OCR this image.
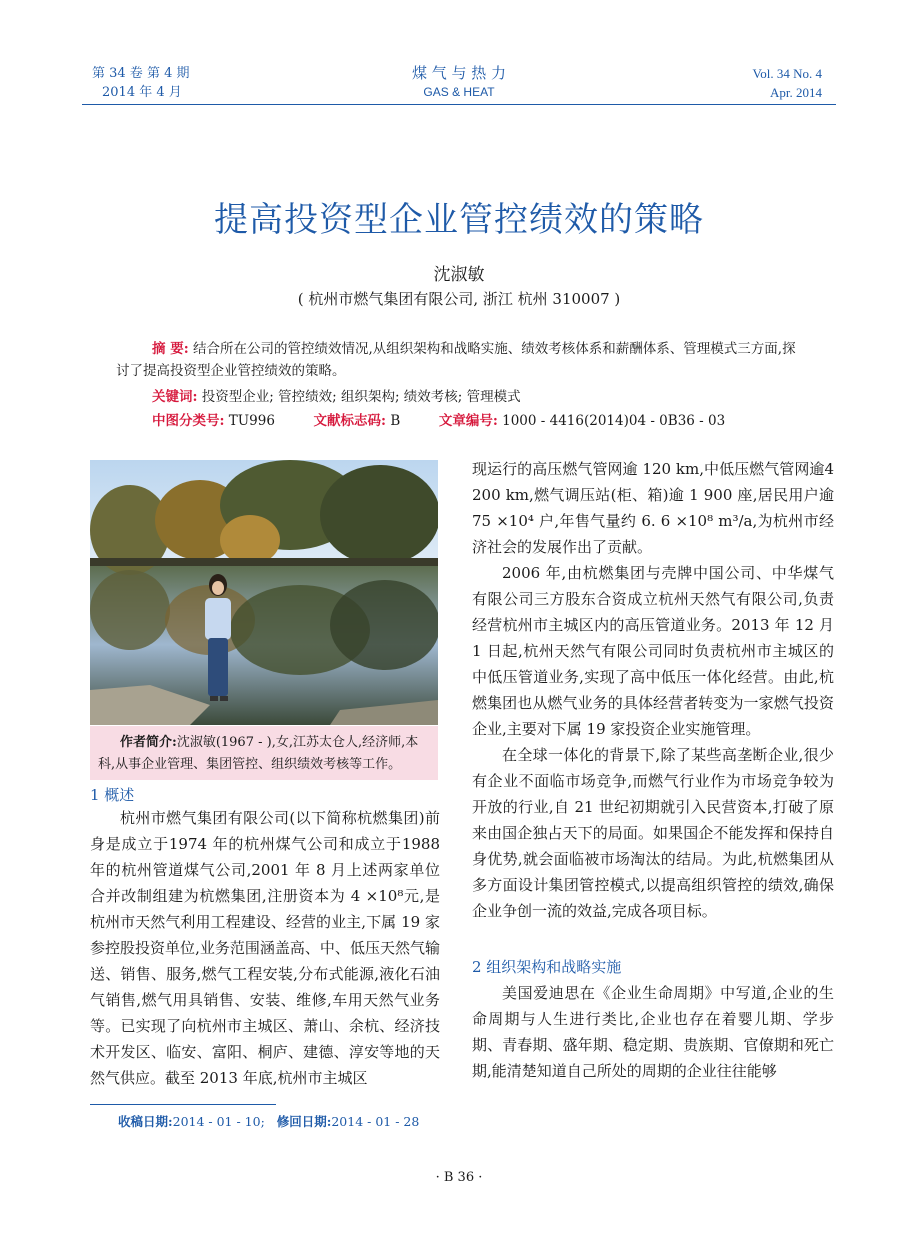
第 34 卷 第 4 期
2014 年 4 月
煤 气 与 热 力
GAS & HEAT
Vol. 34 No. 4
Apr. 2014
提高投资型企业管控绩效的策略
沈淑敏
( 杭州市燃气集团有限公司, 浙江 杭州 310007 )
摘 要: 结合所在公司的管控绩效情况,从组织架构和战略实施、绩效考核体系和薪酬体系、管理模式三方面,探讨了提高投资型企业管控绩效的策略。
关键词: 投资型企业; 管控绩效; 组织架构; 绩效考核; 管理模式
中图分类号: TU996	文献标志码: B	文章编号: 1000 - 4416(2014)04 - 0B36 - 03
作者简介:沈淑敏(1967 - ),女,江苏太仓人,经济师,本科,从事企业管理、集团管控、组织绩效考核等工作。
1 概述

杭州市燃气集团有限公司(以下简称杭燃集团)前身是成立于1974 年的杭州煤气公司和成立于1988 年的杭州管道煤气公司,2001 年 8 月上述两家单位合并改制组建为杭燃集团,注册资本为 4 ×10⁸元,是杭州市天然气利用工程建设、经营的业主,下属 19 家参控股投资单位,业务范围涵盖高、中、低压天然气输送、销售、服务,燃气工程安装,分布式能源,液化石油气销售,燃气用具销售、安装、维修,车用天然气业务等。已实现了向杭州市主城区、萧山、余杭、经济技术开发区、临安、富阳、桐庐、建德、淳安等地的天然气供应。截至 2013 年底,杭州市主城区

现运行的高压燃气管网逾 120 km,中低压燃气管网逾4 200 km,燃气调压站(柜、箱)逾 1 900 座,居民用户逾 75 ×10⁴ 户,年售气量约 6. 6 ×10⁸ m³/a,为杭州市经济社会的发展作出了贡献。

2006 年,由杭燃集团与壳牌中国公司、中华煤气有限公司三方股东合资成立杭州天然气有限公司,负责经营杭州市主城区内的高压管道业务。2013 年 12 月 1 日起,杭州天然气有限公司同时负责杭州市主城区的中低压管道业务,实现了高中低压一体化经营。由此,杭燃集团也从燃气业务的具体经营者转变为一家燃气投资企业,主要对下属 19 家投资企业实施管理。

在全球一体化的背景下,除了某些高垄断企业,很少有企业不面临市场竞争,而燃气行业作为市场竞争较为开放的行业,自 21 世纪初期就引入民营资本,打破了原来由国企独占天下的局面。如果国企不能发挥和保持自身优势,就会面临被市场淘汰的结局。为此,杭燃集团从多方面设计集团管控模式,以提高组织管控的绩效,确保企业争创一流的效益,完成各项目标。

2 组织架构和战略实施

美国爱迪思在《企业生命周期》中写道,企业的生命周期与人生进行类比,企业也存在着婴儿期、学步期、青春期、盛年期、稳定期、贵族期、官僚期和死亡期,能清楚知道自己所处的周期的企业往往能够

收稿日期:2014 - 01 - 10; 修回日期:2014 - 01 - 28
· B 36 ·
